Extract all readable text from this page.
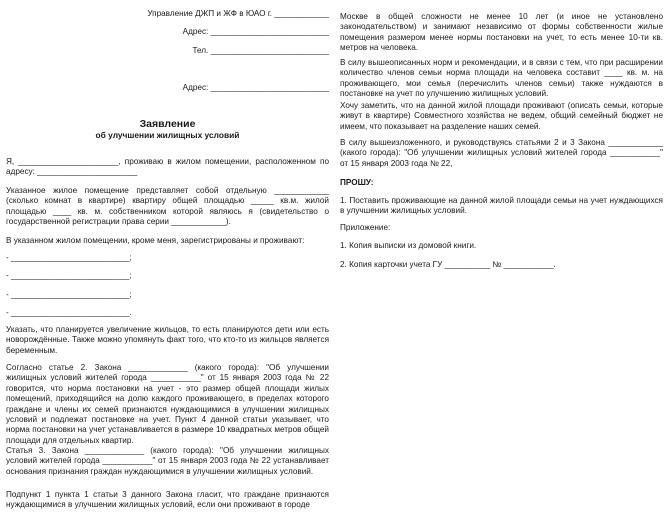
Управление ДЖП и ЖФ в ЮАО г. ____________

Адрес: __________________________

Тел. __________________________

Адрес: __________________________

Заявление

об улучшении жилищных условий

Я, ______________________, проживаю в жилом помещении, расположенном по адресу: ______________________

Указанное жилое помещение представляет собой отдельную ____________ (сколько комнат в квартире) квартиру общей площадью _____ кв.м. жилой площадью ____ кв. м. собственником которой являюсь я (свидетельство о государственной регистрации права серии ____________).

В указанном жилом помещении, кроме меня, зарегистрированы и проживают:

- __________________________;

- __________________________;

- __________________________;

- __________________________.

Указать, что планируется увеличение жильцов, то есть планируются дети или есть новорождённые. Также можно упомянуть факт того, что кто-то из жильцов является беременным.

Согласно статье 2. Закона _____________ (какого города): "Об улучшении жилищных условий жителей города ___________" от 15 января 2003 года № 22 говорится, что норма постановки на учет - это размер общей площади жилых помещений, приходящийся на долю каждого проживающего, в пределах которого граждане и члены их семей признаются нуждающимися в улучшении жилищных условий и подлежат постановке на учет. Пункт 4 данной статьи указывает, что норма постановки на учет устанавливается в размере 10 квадратных метров общей площади для отдельных квартир.

Статья 3. Закона _____________ (какого города): "Об улучшении жилищных условий жителей города ___________" от 15 января 2003 года № 22 устанавливает основания признания граждан нуждающимися в улучшении жилищных условий.

Подпункт 1 пункта 1 статьи 3 данного Закона гласит, что граждане признаются нуждающимися в улучшении жилищных условий, если они проживают в городе

Москве в общей сложности не менее 10 лет (и иное не установлено законодательством) и занимают независимо от формы собственности жилые помещения размером менее нормы постановки на учет, то есть менее 10-ти кв. метров на человека.

В силу вышеописанных норм и рекомендации, и в связи с тем, что при расширении количество членов семьи норма площади на человека составит ____ кв. м. на проживающего, мои семья (перечислить членов семьи) также нуждаются в постановке на учет по улучшению жилищных условий.

Хочу заметить, что на данной жилой площади проживают (описать семьи, которые живут в квартире) Совместного хозяйства не ведем, общий семейный бюджет не имеем, что показывает на разделение наших семей.

В силу вышеизложенного, и руководствуясь статьями 2 и 3 Закона ____________ (какого города): "Об улучшении жилищных условий жителей города ___________" от 15 января 2003 года № 22,

ПРОШУ:

1. Поставить проживающие на данной жилой площади семьи на учет нуждающихся в улучшении жилищных условий.

Приложение:

1. Копия выписки из домовой книги.

2. Копия карточки учета ГУ __________ № ___________.
